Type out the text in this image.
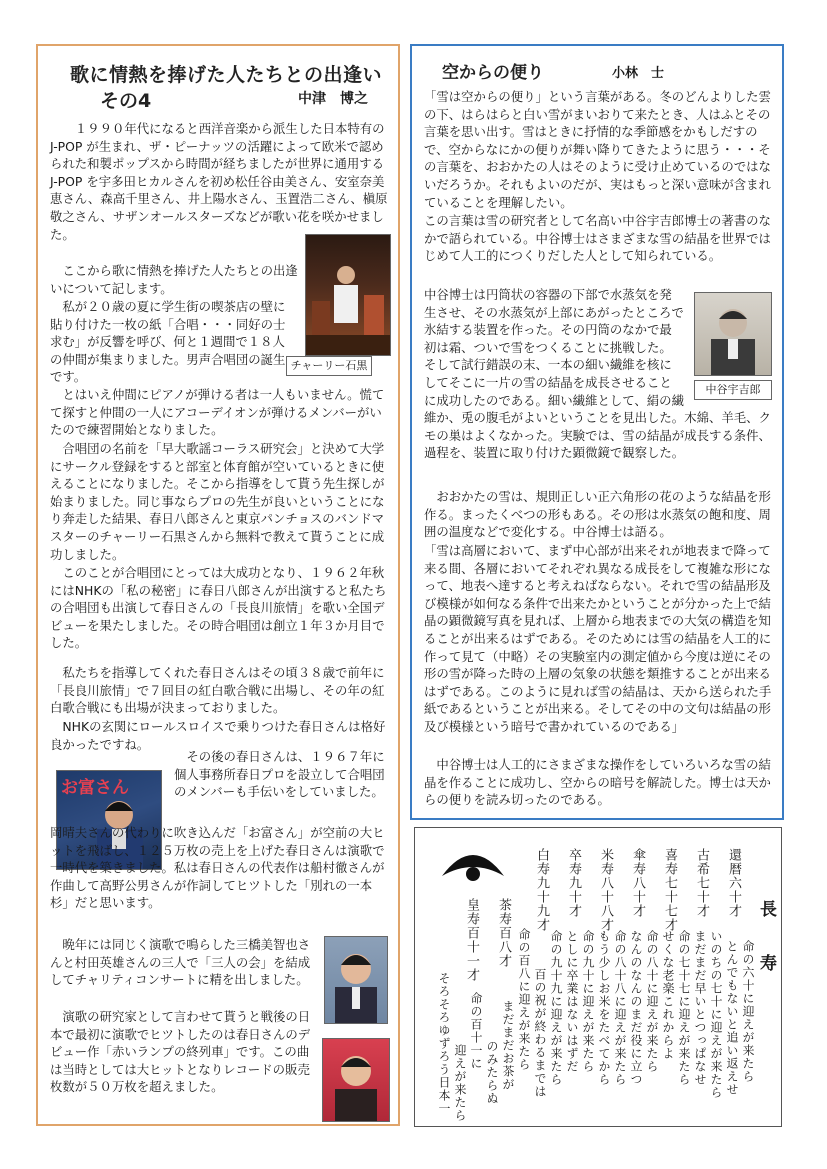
歌に情熱を捧げた人たちとの出逢い
その4	中津　博之

１９９０年代になると西洋音楽から派生した日本特有の J-POP が生まれ、ザ・ピーナッツの活躍によって欧米で認められた和製ポップスから時間が経ちましたが世界に通用する J-POP を宇多田ヒカルさんを初め松任谷由美さん、安室奈美恵さん、森高千里さん、井上陽水さん、玉置浩二さん、槇原敬之さん、サザンオールスターズなどが歌い花を咲かせました。

ここから歌に情熱を捧げた人たちとの出逢いについて記します。

私が２０歳の夏に学生街の喫茶店の壁に貼り付けた一枚の紙「合唱・・・同好の士求む」が反響を呼び、何と１週間で１８人の仲間が集まりました。男声合唱団の誕生です。

チャーリー石黒

とはいえ仲間にピアノが弾ける者は一人もいません。慌てて探すと仲間の一人にアコーデイオンが弾けるメンバーがいたので練習開始となりました。

合唱団の名前を「早大歌謡コーラス研究会」と決めて大学にサークル登録をすると部室と体育館が空いているときに使えることになりました。そこから指導をして貰う先生探しが始まりました。同じ事ならプロの先生が良いということになり奔走した結果、春日八郎さんと東京パンチョスのバンドマスターのチャーリー石黒さんから無料で教えて貰うことに成功しました。

このことが合唱団にとっては大成功となり、１９６２年秋にはNHKの「私の秘密」に春日八郎さんが出演すると私たちの合唱団も出演して春日さんの「長良川旅情」を歌い全国デビューを果たしました。その時合唱団は創立１年３か月目でした。

私たちを指導してくれた春日さんはその頃３８歳で前年に「長良川旅情」で７回目の紅白歌合戦に出場し、その年の紅白歌合戦にも出場が決まっておりました。

NHKの玄関にロールスロイスで乗りつけた春日さんは格好良かったですね。

お富さん

その後の春日さんは、１９６７年に個人事務所春日プロを設立して合唱団のメンバーも手伝いをしていました。

岡晴夫さんの代わりに吹き込んだ「お富さん」が空前の大ヒットを飛ばし、１２５万枚の売上を上げた春日さんは演歌で一時代を築きました。私は春日さんの代表作は船村徹さんが作曲して高野公男さんが作詞してヒツトした「別れの一本杉」だと思います。

晩年には同じく演歌で鳴らした三橋美智也さんと村田英雄さんの三人で「三人の会」を結成してチャリティコンサートに精を出しました。

演歌の研究家として言わせて貰うと戦後の日本で最初に演歌でヒツトしたのは春日さんのデビュー作「赤いランプの終列車」です。この曲は当時としては大ヒットとなりレコードの販売枚数が５０万枚を超えました。

空からの便り	小林　士

「雪は空からの便り」という言葉がある。冬のどんよりした雲の下、はらはらと白い雪がまいおりて来たとき、人はふとその言葉を思い出す。雪はときに抒情的な季節感をかもしだすので、空からなにかの便りが舞い降りてきたように思う・・・その言葉を、おおかたの人はそのように受け止めているのではないだろうか。それもよいのだが、実はもっと深い意味が含まれていることを理解したい。

この言葉は雪の研究者として名高い中谷宇吉郎博士の著書のなかで語られている。中谷博士はさまざまな雪の結晶を世界ではじめて人工的につくりだした人として知られている。

中谷博士は円筒状の容器の下部で水蒸気を発生させ、その水蒸気が上部にあがったところで氷結する装置を作った。その円筒のなかで最初は霜、ついで雪をつくることに挑戦した。そして試行錯誤の末、一本の細い繊維を核にしてそこに一片の雪の結晶を成長させることに成功したのである。細い繊維として、絹の繊維か、兎の腹毛がよいということを見出した。木綿、羊毛、クモの巣はよくなかった。実験では、雪の結晶が成長する条件、過程を、装置に取り付けた顕微鏡で観察した。

中谷宇吉郎

おおかたの雪は、規則正しい正六角形の花のような結晶を形作る。まったくべつの形もある。その形は水蒸気の飽和度、周囲の温度などで変化する。中谷博士は語る。

「雪は高層において、まず中心部が出来それが地表まで降って来る間、各層においてそれぞれ異なる成長をして複雑な形になって、地表へ達すると考えねばならない。それで雪の結晶形及び模様が如何なる条件で出来たかということが分かった上で結晶の顕微鏡写真を見れば、上層から地表までの大気の構造を知ることが出来るはずである。そのためには雪の結晶を人工的に作って見て（中略）その実験室内の測定値から今度は逆にその形の雪が降った時の上層の気象の状態を類推することが出来るはずである。このように見れば雪の結晶は、天から送られた手紙であるということが出来る。そしてその中の文句は結晶の形及び模様という暗号で書かれているのである」

中谷博士は人工的にさまざまな操作をしていろいろな雪の結晶を作ることに成功し、空からの暗号を解読した。博士は天からの便りを読み切ったのである。

長　寿
還暦六十才
古希七十才
喜寿七十七才
傘寿八十才
米寿八十八才
卒寿九十才
白寿九十九才
茶寿百八才
皇寿百十一才	命の六十に迎えが来たら
とんでもないと追い返えせ
いのちの七十に迎えが来たら
まだまだ早いとつっぱなせ
命の七十七に迎えが来たら
せくな老楽これからよ
命の八十に迎えが来たら
なんのなんのまだ役に立つ
命の八十八に迎えが来たら
もう少しお米をたべてから
命の九十に迎えが来たら
としに卒業はないはずだ
命の九十九に迎えが来たら
百の祝が終わるまでは
命の百八に迎えが来たら
まだまだお茶が
のみたらぬ
命の百十一に
迎えが来たら
そろそろゆずろう日本一
